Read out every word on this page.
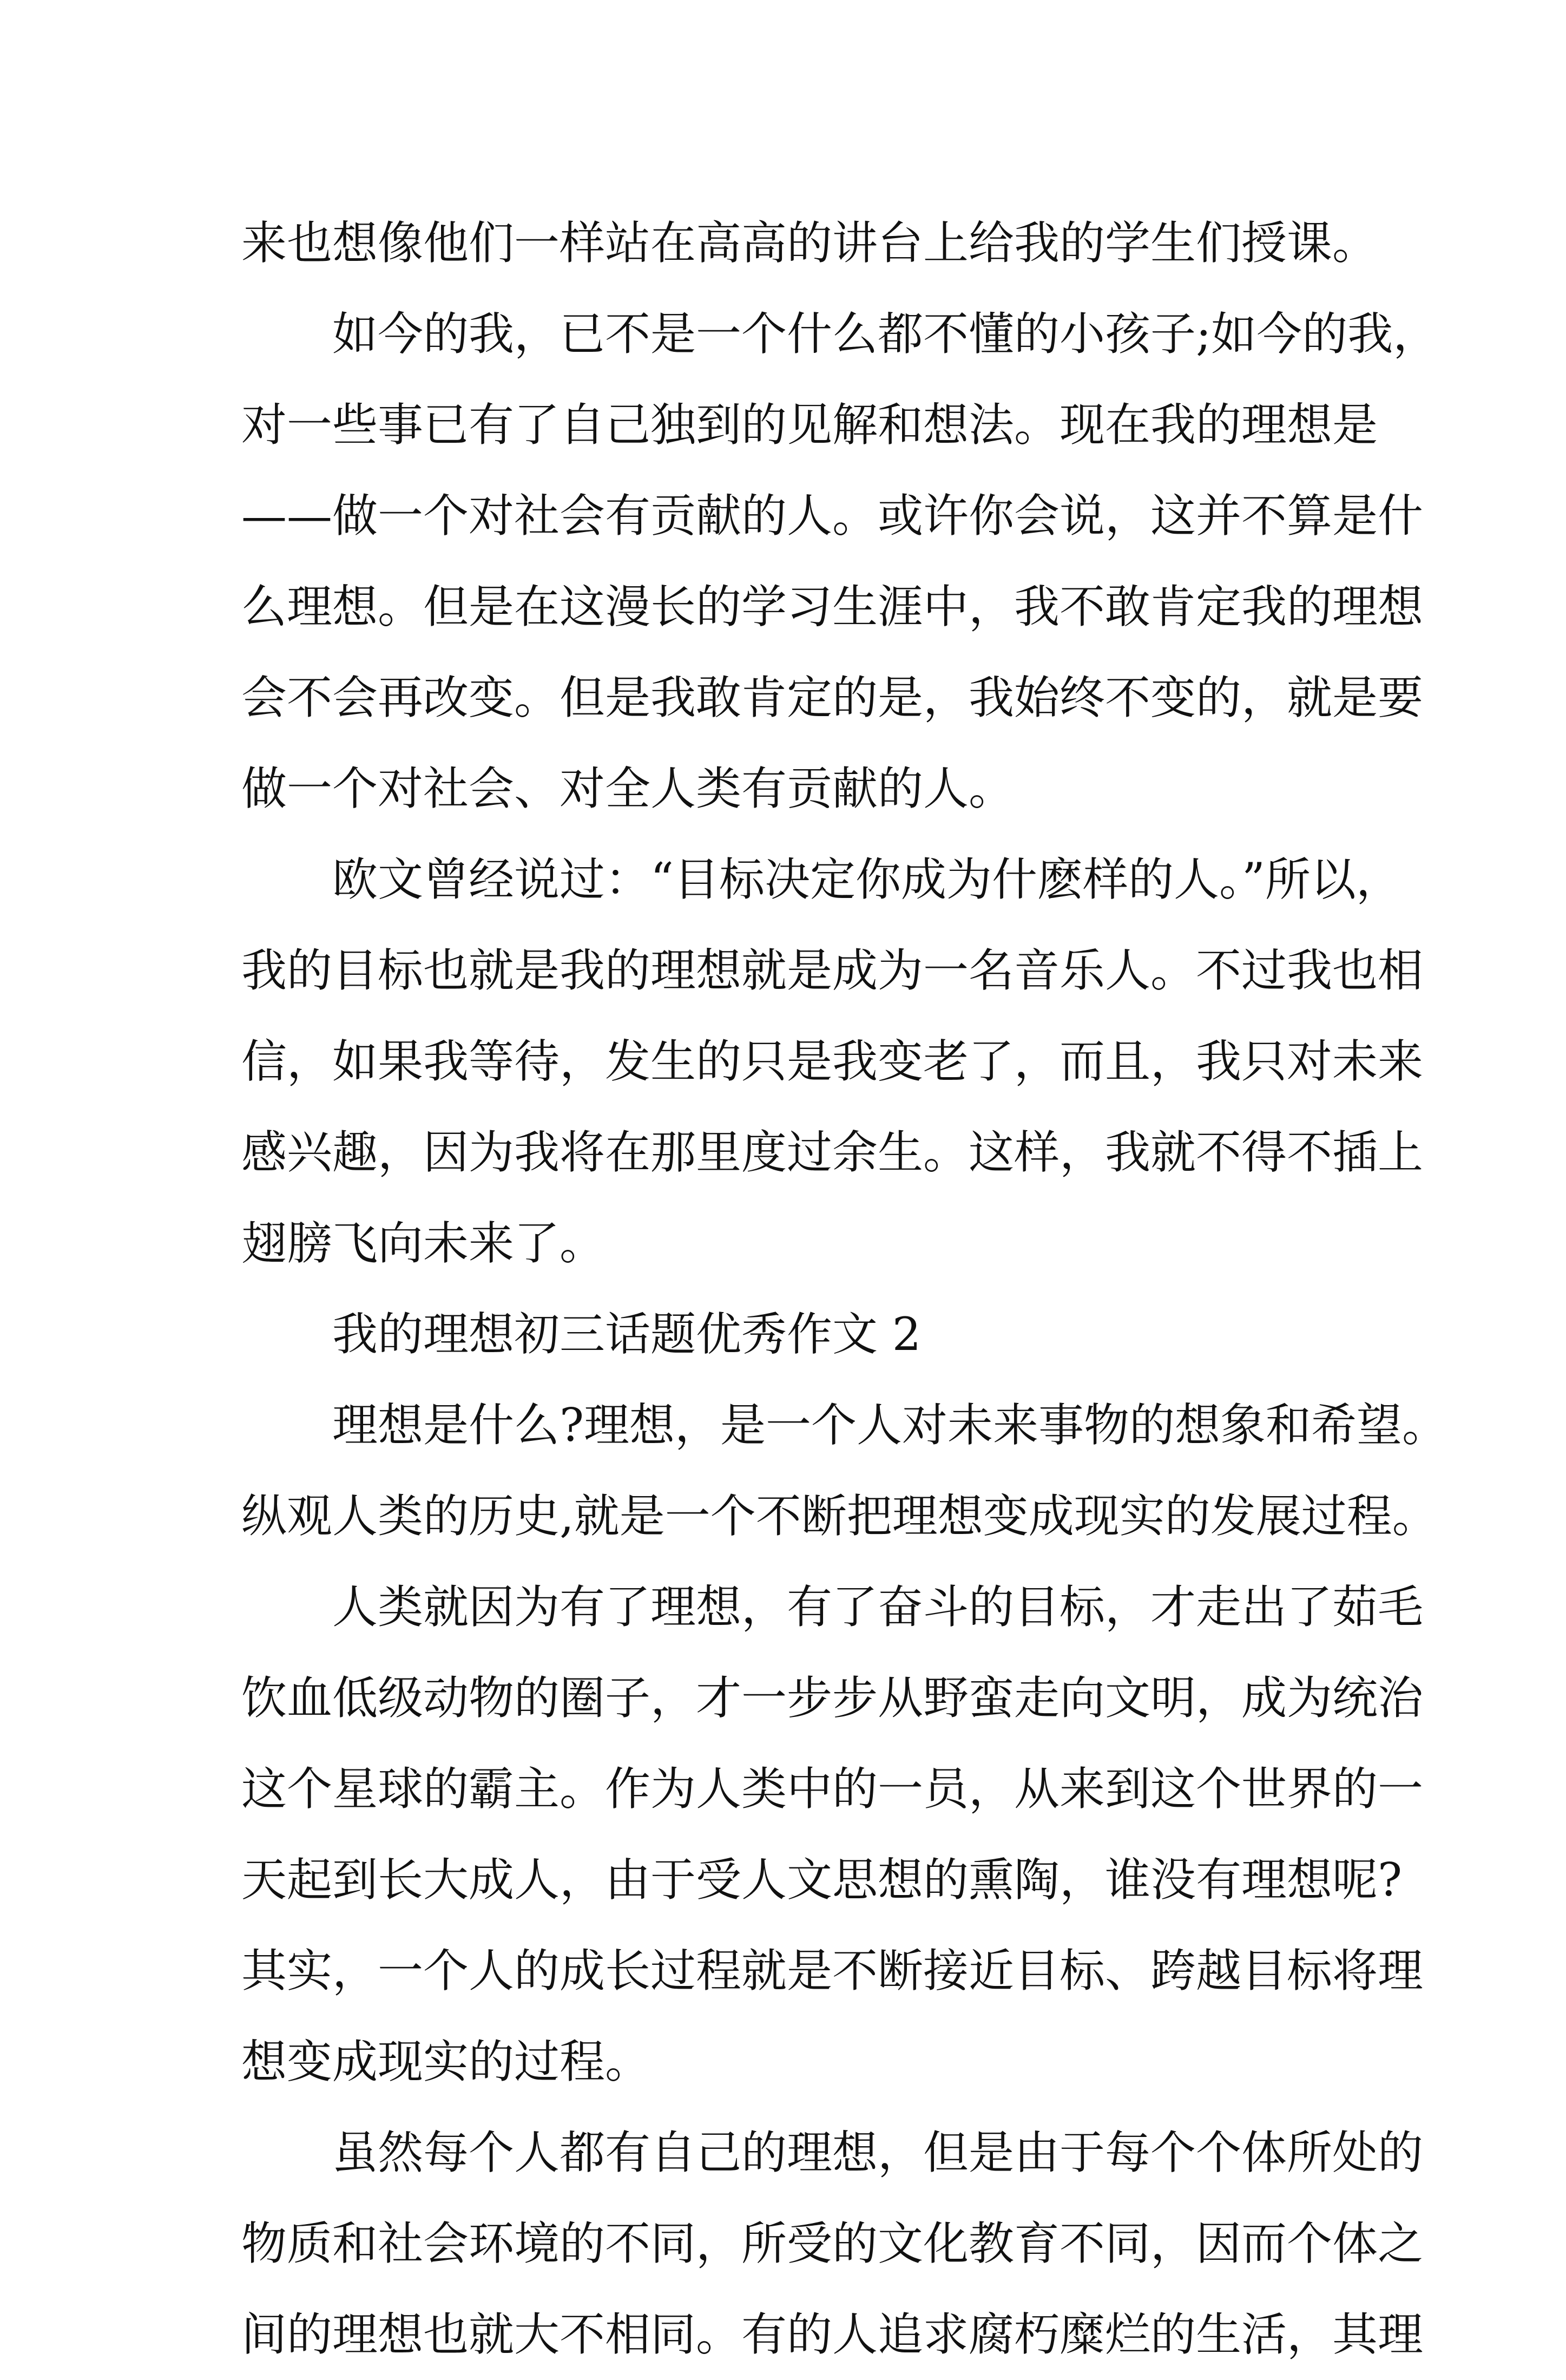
来也想像他们一样站在高高的讲台上给我的学生们授课。
如今的我，已不是一个什么都不懂的小孩子;如今的我，
对一些事已有了自己独到的见解和想法。现在我的理想是
——做一个对社会有贡献的人。或许你会说，这并不算是什
么理想。但是在这漫长的学习生涯中，我不敢肯定我的理想
会不会再改变。但是我敢肯定的是，我始终不变的，就是要
做一个对社会、对全人类有贡献的人。
欧文曾经说过：“目标决定你成为什麽样的人。”所以，
我的目标也就是我的理想就是成为一名音乐人。不过我也相
信，如果我等待，发生的只是我变老了，而且，我只对未来
感兴趣，因为我将在那里度过余生。这样，我就不得不插上
翅膀飞向未来了。
我的理想初三话题优秀作文 2
理想是什么?理想，是一个人对未来事物的想象和希望。
纵观人类的历史,就是一个不断把理想变成现实的发展过程。
人类就因为有了理想，有了奋斗的目标，才走出了茹毛
饮血低级动物的圈子，才一步步从野蛮走向文明，成为统治
这个星球的霸主。作为人类中的一员，从来到这个世界的一
天起到长大成人，由于受人文思想的熏陶，谁没有理想呢?
其实，一个人的成长过程就是不断接近目标、跨越目标将理
想变成现实的过程。
虽然每个人都有自己的理想，但是由于每个个体所处的
物质和社会环境的不同，所受的文化教育不同，因而个体之
间的理想也就大不相同。有的人追求腐朽糜烂的生活，其理
